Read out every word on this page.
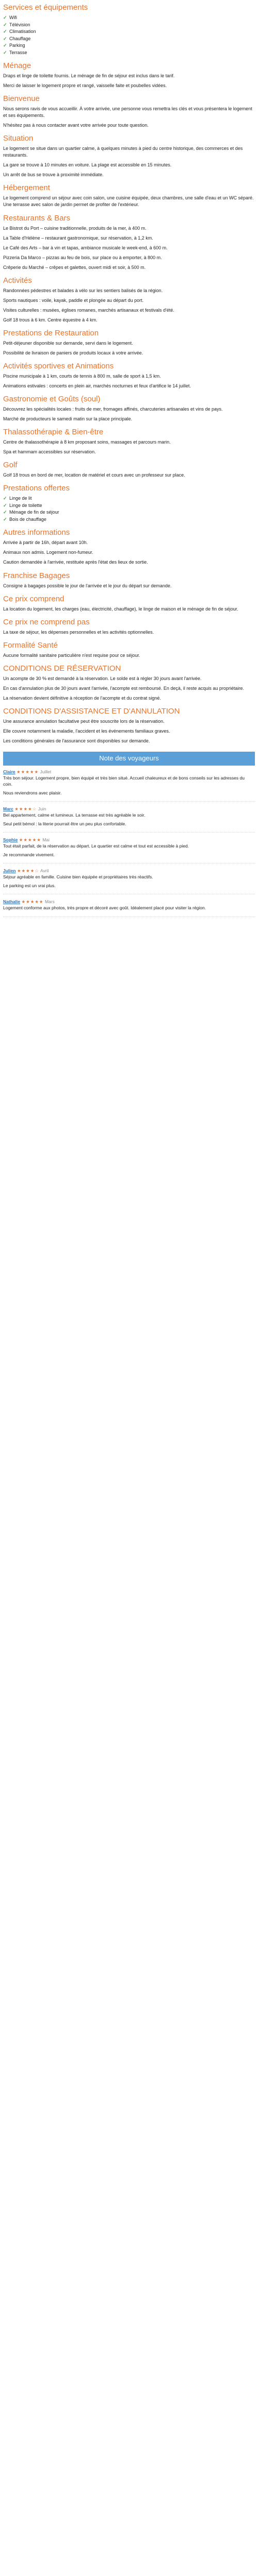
Services et équipements
✓ Wifi
✓ Télévision
✓ Climatisation
✓ Chauffage
✓ Parking
✓ Terrasse
Ménage

Draps et linge de toilette fournis. Le ménage de fin de séjour est inclus dans le tarif.

Merci de laisser le logement propre et rangé, vaisselle faite et poubelles vidées.

Bienvenue

Nous serons ravis de vous accueillir. À votre arrivée, une personne vous remettra les clés et vous présentera le logement et ses équipements.

N'hésitez pas à nous contacter avant votre arrivée pour toute question.

Situation

Le logement se situe dans un quartier calme, à quelques minutes à pied du centre historique, des commerces et des restaurants.

La gare se trouve à 10 minutes en voiture. La plage est accessible en 15 minutes.

Un arrêt de bus se trouve à proximité immédiate.

Hébergement

Le logement comprend un séjour avec coin salon, une cuisine équipée, deux chambres, une salle d'eau et un WC séparé. Une terrasse avec salon de jardin permet de profiter de l'extérieur.

Restaurants & Bars

Le Bistrot du Port – cuisine traditionnelle, produits de la mer, à 400 m.

La Table d'Hélène – restaurant gastronomique, sur réservation, à 1,2 km.

Le Café des Arts – bar à vin et tapas, ambiance musicale le week-end, à 600 m.

Pizzeria Da Marco – pizzas au feu de bois, sur place ou à emporter, à 800 m.

Crêperie du Marché – crêpes et galettes, ouvert midi et soir, à 500 m.

Activités

Randonnées pédestres et balades à vélo sur les sentiers balisés de la région.

Sports nautiques : voile, kayak, paddle et plongée au départ du port.

Visites culturelles : musées, églises romanes, marchés artisanaux et festivals d'été.

Golf 18 trous à 6 km. Centre équestre à 4 km.

Prestations de Restauration

Petit-déjeuner disponible sur demande, servi dans le logement.

Possibilité de livraison de paniers de produits locaux à votre arrivée.

Activités sportives et Animations

Piscine municipale à 1 km, courts de tennis à 800 m, salle de sport à 1,5 km.

Animations estivales : concerts en plein air, marchés nocturnes et feux d'artifice le 14 juillet.

Gastronomie et Goûts (soul)

Découvrez les spécialités locales : fruits de mer, fromages affinés, charcuteries artisanales et vins de pays.

Marché de producteurs le samedi matin sur la place principale.

Thalassothérapie & Bien-être

Centre de thalassothérapie à 8 km proposant soins, massages et parcours marin.

Spa et hammam accessibles sur réservation.

Golf

Golf 18 trous en bord de mer, location de matériel et cours avec un professeur sur place.

Prestations offertes
✓ Linge de lit
✓ Linge de toilette
✓ Ménage de fin de séjour
✓ Bois de chauffage
Autres informations

Arrivée à partir de 16h, départ avant 10h.

Animaux non admis. Logement non-fumeur.

Caution demandée à l'arrivée, restituée après l'état des lieux de sortie.

Franchise Bagages

Consigne à bagages possible le jour de l'arrivée et le jour du départ sur demande.

Ce prix comprend

La location du logement, les charges (eau, électricité, chauffage), le linge de maison et le ménage de fin de séjour.

Ce prix ne comprend pas

La taxe de séjour, les dépenses personnelles et les activités optionnelles.

Formalité Santé

Aucune formalité sanitaire particulière n'est requise pour ce séjour.

CONDITIONS DE RÉSERVATION

Un acompte de 30 % est demandé à la réservation. Le solde est à régler 30 jours avant l'arrivée.

En cas d'annulation plus de 30 jours avant l'arrivée, l'acompte est remboursé. En deçà, il reste acquis au propriétaire.

La réservation devient définitive à réception de l'acompte et du contrat signé.

CONDITIONS D'ASSISTANCE ET D'ANNULATION

Une assurance annulation facultative peut être souscrite lors de la réservation.

Elle couvre notamment la maladie, l'accident et les événements familiaux graves.

Les conditions générales de l'assurance sont disponibles sur demande.

Note des voyageurs
Claire ★★★★★ Juillet

Très bon séjour. Logement propre, bien équipé et très bien situé. Accueil chaleureux et de bons conseils sur les adresses du coin.

Nous reviendrons avec plaisir.

Marc ★★★★☆ Juin

Bel appartement, calme et lumineux. La terrasse est très agréable le soir.

Seul petit bémol : la literie pourrait être un peu plus confortable.

Sophie ★★★★★ Mai

Tout était parfait, de la réservation au départ. Le quartier est calme et tout est accessible à pied.

Je recommande vivement.

Julien ★★★★☆ Avril

Séjour agréable en famille. Cuisine bien équipée et propriétaires très réactifs.

Le parking est un vrai plus.

Nathalie ★★★★★ Mars

Logement conforme aux photos, très propre et décoré avec goût. Idéalement placé pour visiter la région.
